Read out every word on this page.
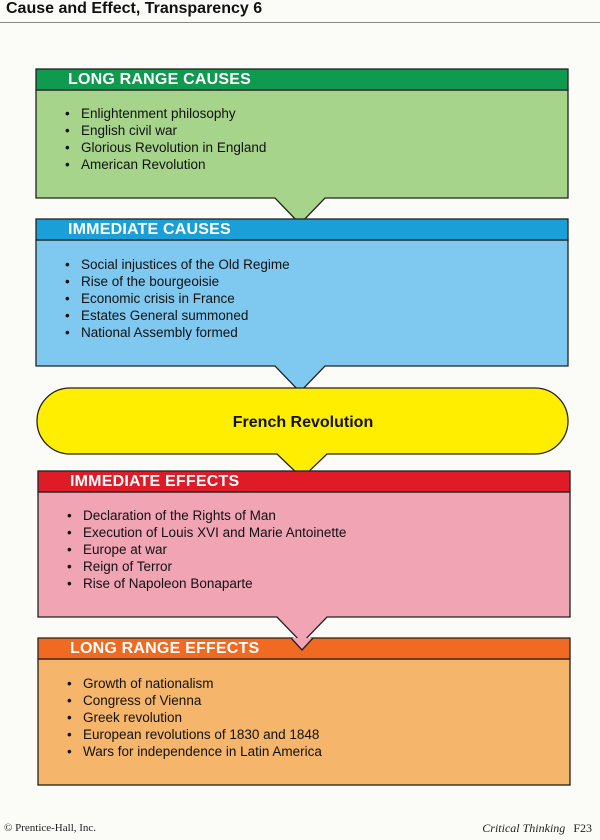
Cause and Effect, Transparency 6
LONG RANGE CAUSES
IMMEDIATE CAUSES
IMMEDIATE EFFECTS
LONG RANGE EFFECTS
• Enlightenment philosophy
• English civil war
• Glorious Revolution in England
• American Revolution
• Social injustices of the Old Regime
• Rise of the bourgeoisie
• Economic crisis in France
• Estates General summoned
• National Assembly formed
French Revolution
• Declaration of the Rights of Man
• Execution of Louis XVI and Marie Antoinette
• Europe at war
• Reign of Terror
• Rise of Napoleon Bonaparte
• Growth of nationalism
• Congress of Vienna
• Greek revolution
• European revolutions of 1830 and 1848
• Wars for independence in Latin America
© Prentice-Hall, Inc.	Critical Thinking F23
